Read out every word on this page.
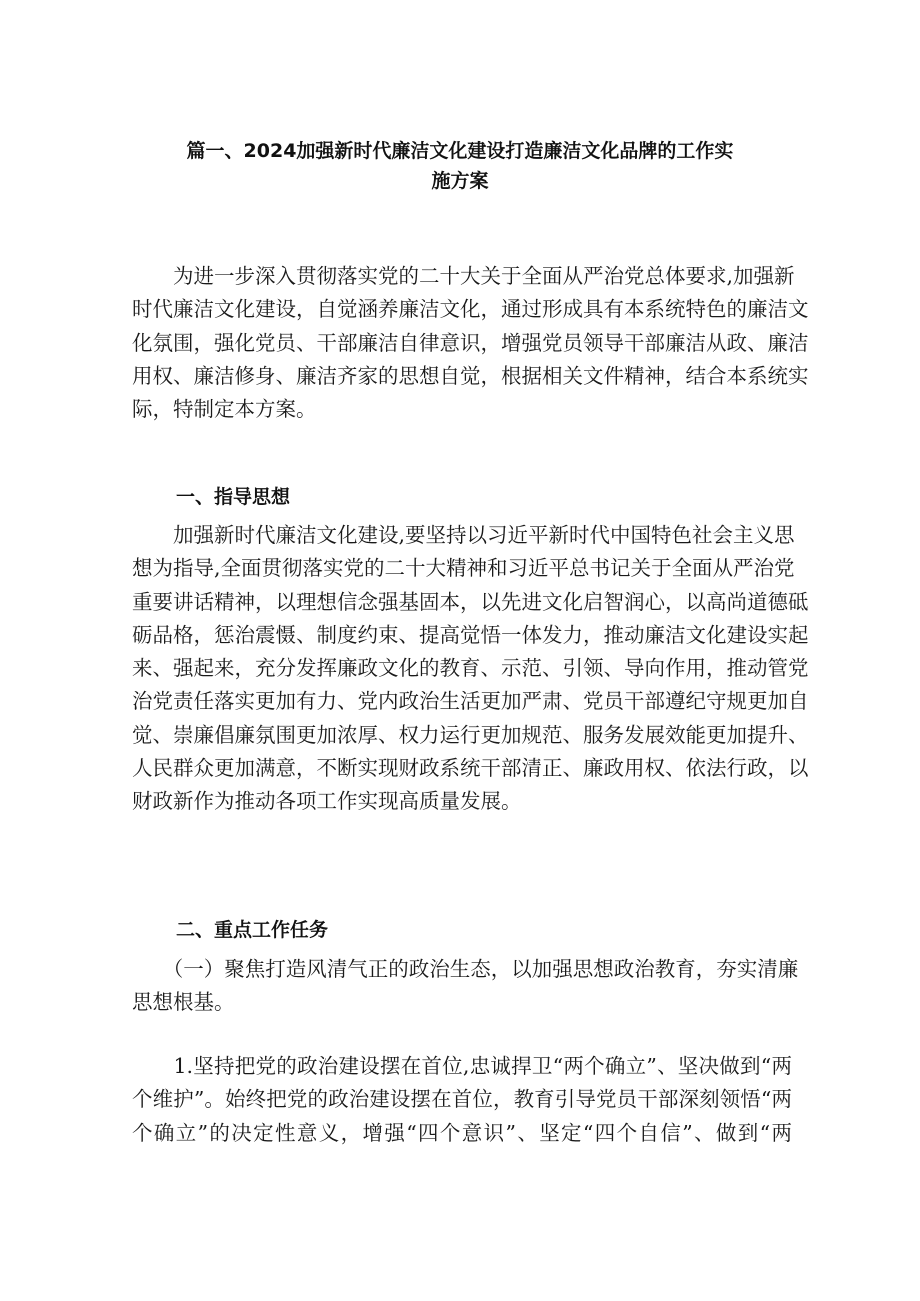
篇一、2024加强新时代廉洁文化建设打造廉洁文化品牌的工作实
施方案
　　为进一步深入贯彻落实党的二十大关于全面从严治党总体要求,加强新
时代廉洁文化建设，自觉涵养廉洁文化，通过形成具有本系统特色的廉洁文
化氛围，强化党员、干部廉洁自律意识，增强党员领导干部廉洁从政、廉洁
用权、廉洁修身、廉洁齐家的思想自觉，根据相关文件精神，结合本系统实
际，特制定本方案。
一、指导思想
　　加强新时代廉洁文化建设,要坚持以习近平新时代中国特色社会主义思
想为指导,全面贯彻落实党的二十大精神和习近平总书记关于全面从严治党
重要讲话精神，以理想信念强基固本，以先进文化启智润心，以高尚道德砥
砺品格，惩治震慑、制度约束、提高觉悟一体发力，推动廉洁文化建设实起
来、强起来，充分发挥廉政文化的教育、示范、引领、导向作用，推动管党
治党责任落实更加有力、党内政治生活更加严肃、党员干部遵纪守规更加自
觉、崇廉倡廉氛围更加浓厚、权力运行更加规范、服务发展效能更加提升、
人民群众更加满意，不断实现财政系统干部清正、廉政用权、依法行政，以
财政新作为推动各项工作实现高质量发展。
二、重点工作任务
　　（一）聚焦打造风清气正的政治生态，以加强思想政治教育，夯实清廉
思想根基。
　　1.坚持把党的政治建设摆在首位,忠诚捍卫“两个确立”、坚决做到“两
个维护”。始终把党的政治建设摆在首位，教育引导党员干部深刻领悟“两
个确立”的决定性意义，增强“四个意识”、坚定“四个自信”、做到“两
